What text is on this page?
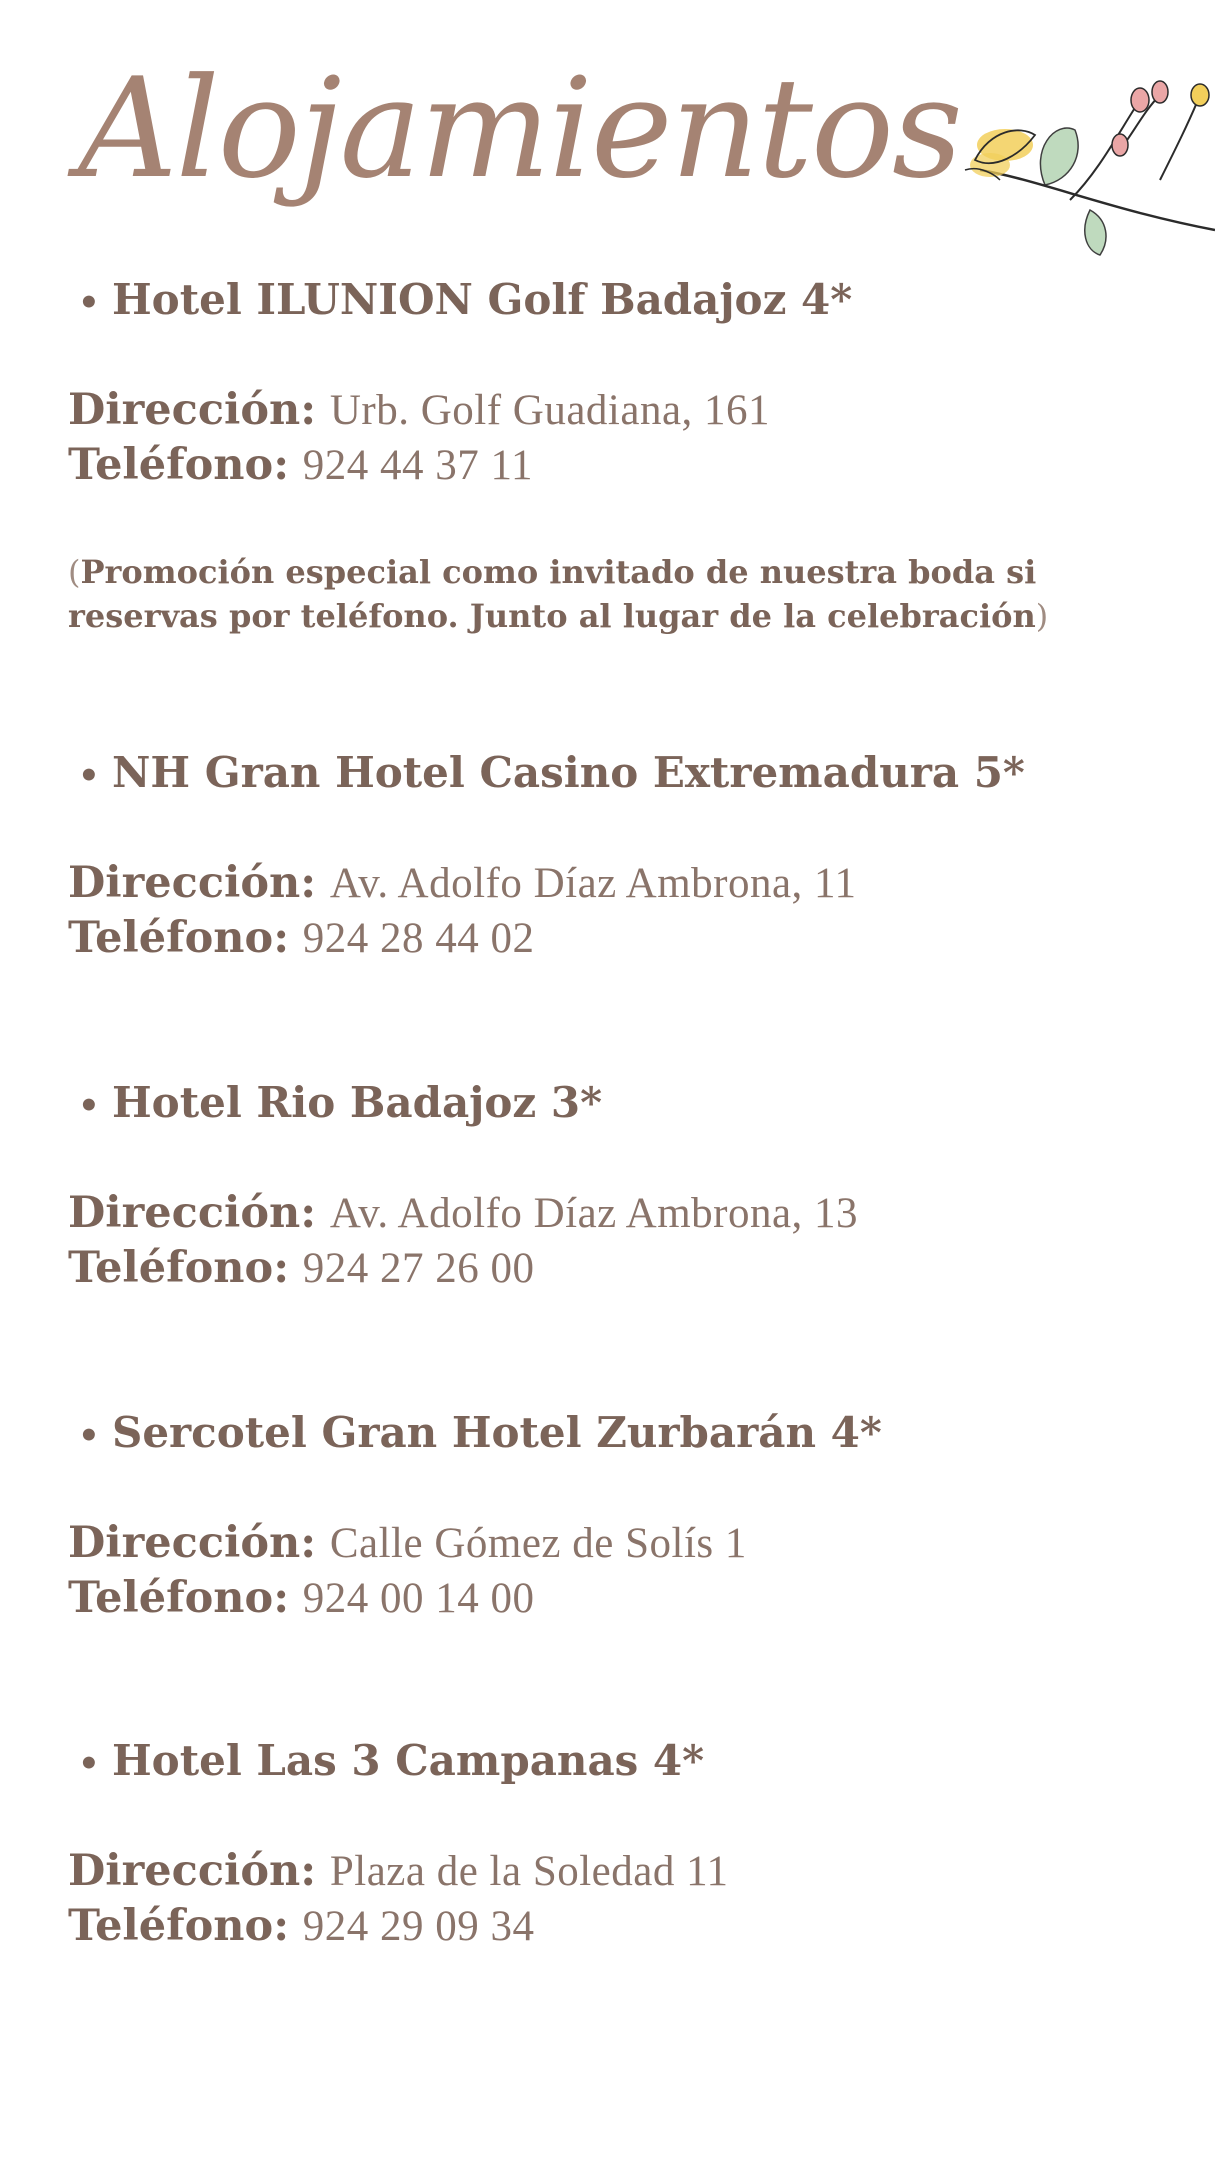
Alojamientos
• Hotel ILUNION Golf Badajoz 4*

Dirección: Urb. Golf Guadiana, 161

Teléfono: 924 44 37 11

(Promoción especial como invitado de nuestra boda si reservas por teléfono. Junto al lugar de la celebración)

• NH Gran Hotel Casino Extremadura 5*

Dirección: Av. Adolfo Díaz Ambrona, 11

Teléfono: 924 28 44 02

• Hotel Rio Badajoz 3*

Dirección: Av. Adolfo Díaz Ambrona, 13

Teléfono: 924 27 26 00

• Sercotel Gran Hotel Zurbarán 4*

Dirección: Calle Gómez de Solís 1

Teléfono: 924 00 14 00

• Hotel Las 3 Campanas 4*

Dirección: Plaza de la Soledad 11

Teléfono: 924 29 09 34
